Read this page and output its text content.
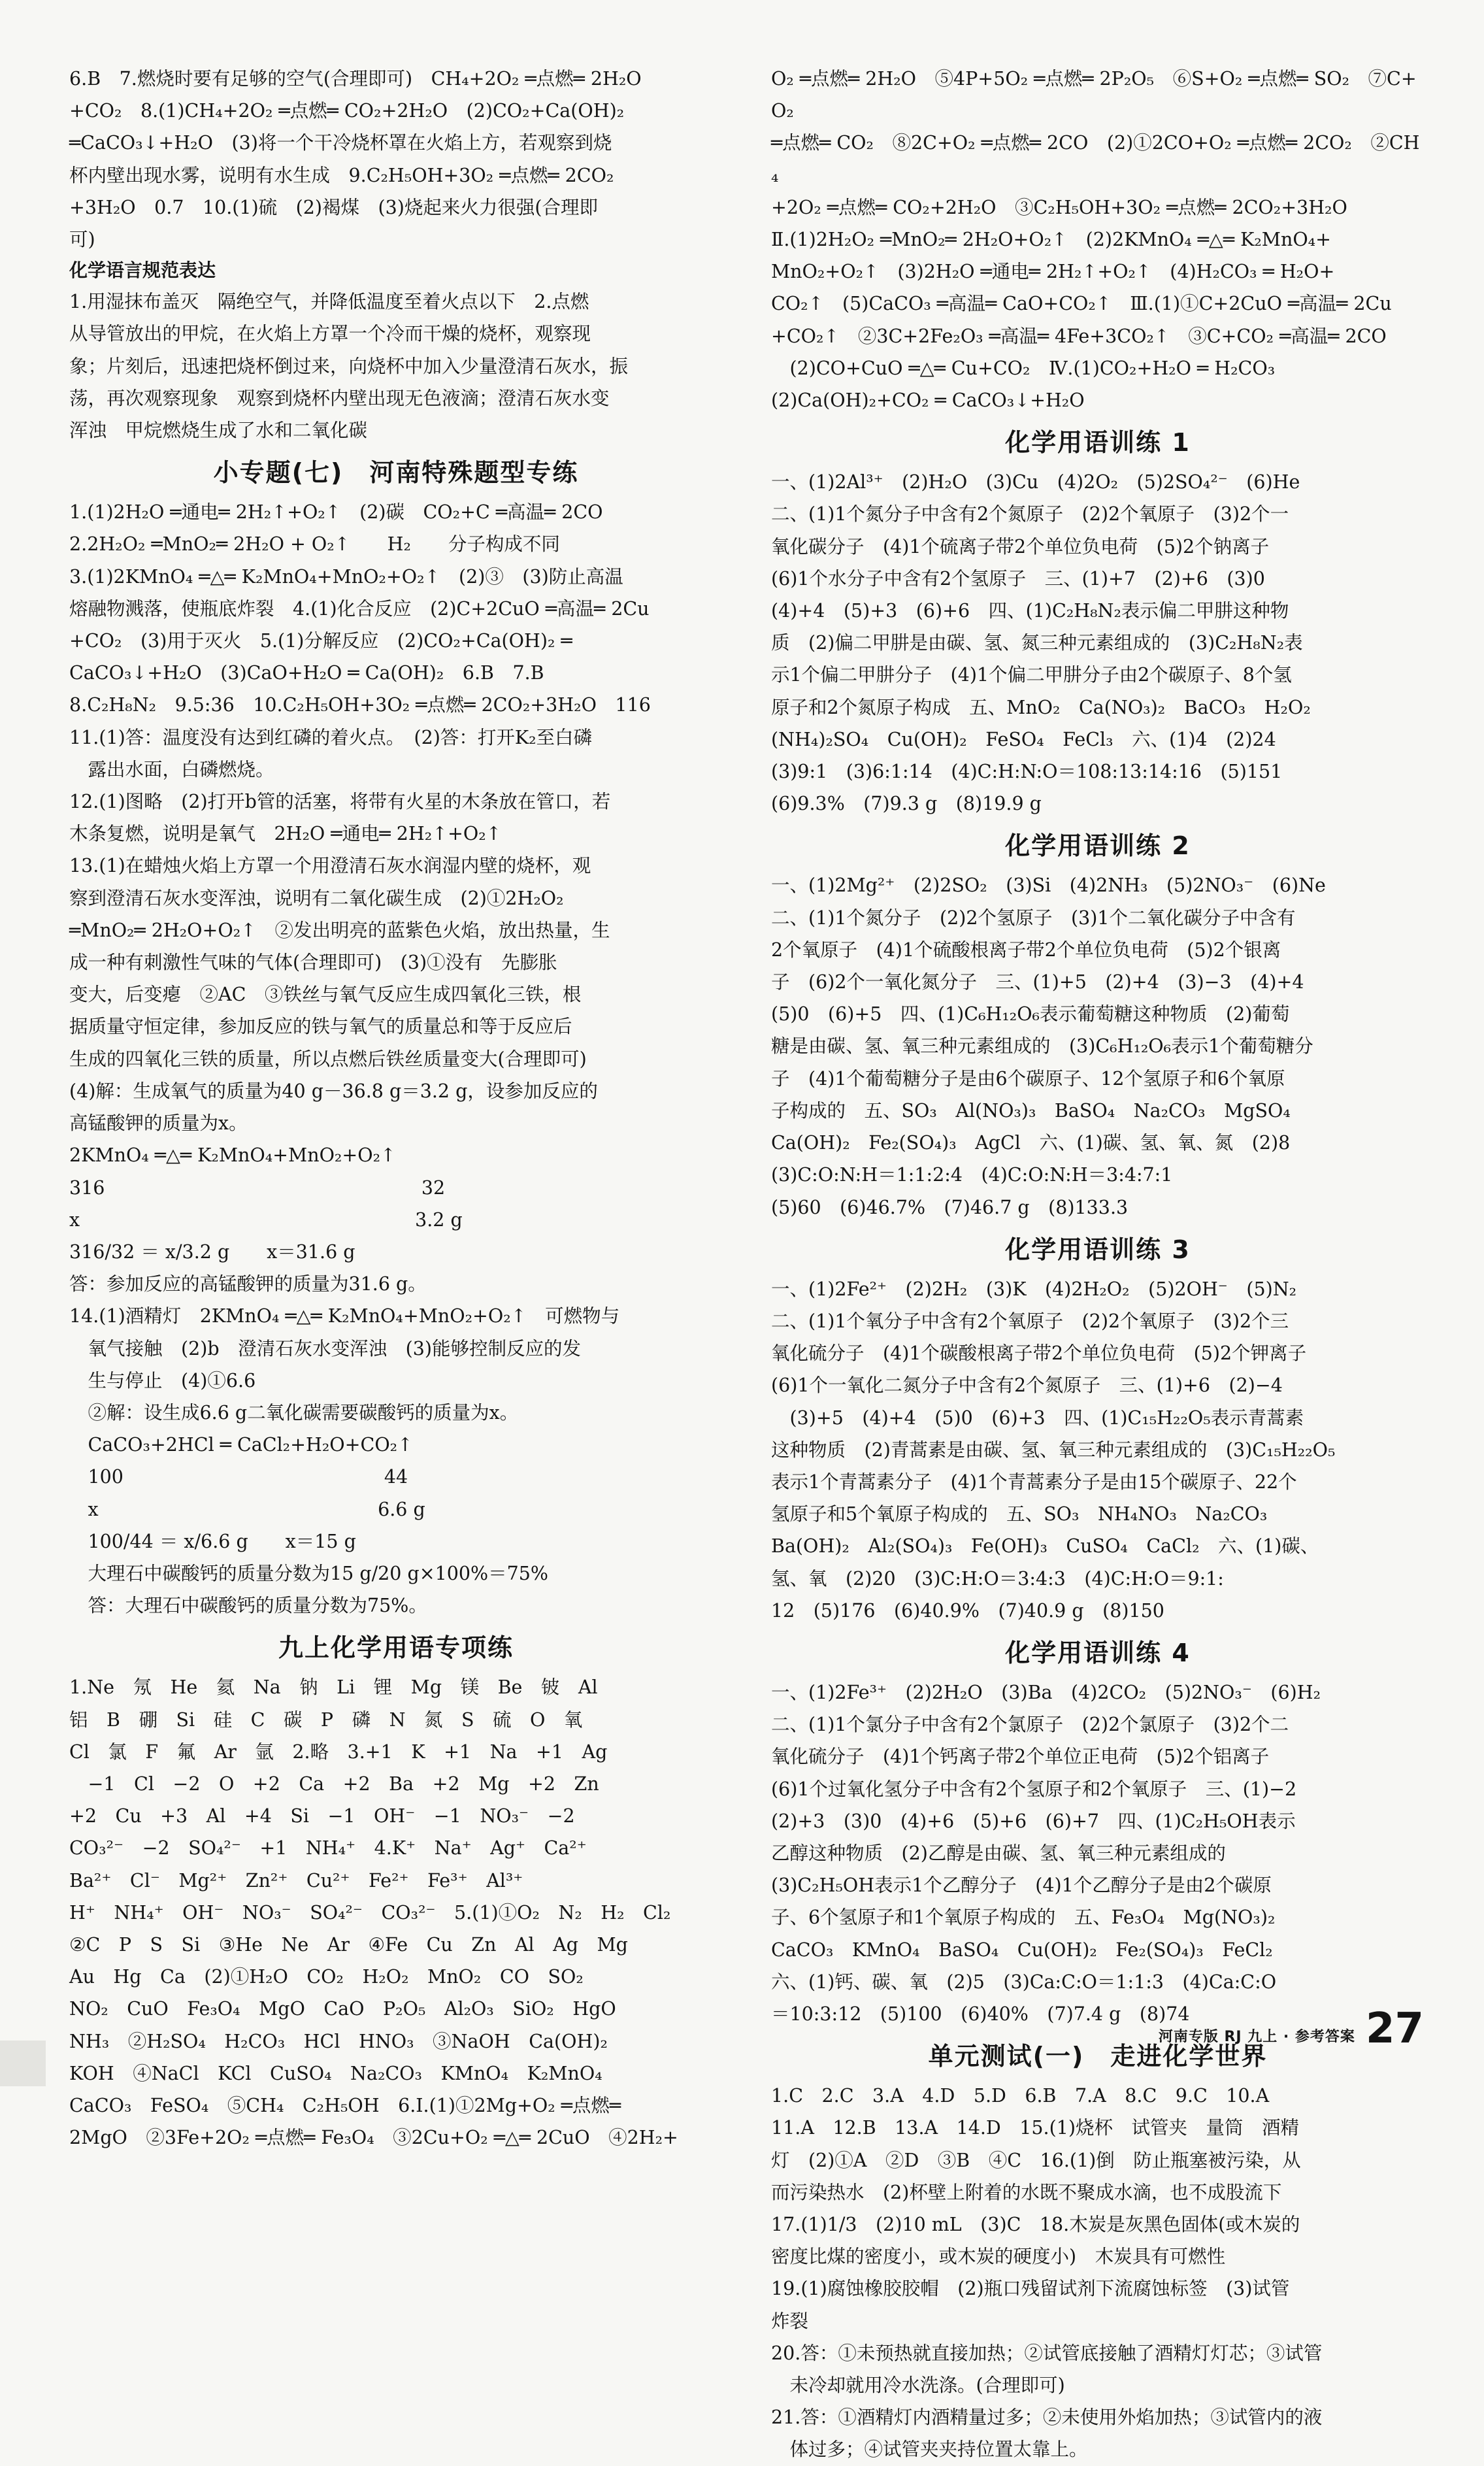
6.B　7.燃烧时要有足够的空气(合理即可)　CH₄+2O₂ ═点燃═ 2H₂O

+CO₂　8.(1)CH₄+2O₂ ═点燃═ CO₂+2H₂O　(2)CO₂+Ca(OH)₂

═CaCO₃↓+H₂O　(3)将一个干冷烧杯罩在火焰上方，若观察到烧

杯内壁出现水雾，说明有水生成　9.C₂H₅OH+3O₂ ═点燃═ 2CO₂

+3H₂O　0.7　10.(1)硫　(2)褐煤　(3)烧起来火力很强(合理即

可)

化学语言规范表达

1.用湿抹布盖灭　隔绝空气，并降低温度至着火点以下　2.点燃

从导管放出的甲烷，在火焰上方罩一个冷而干燥的烧杯，观察现

象；片刻后，迅速把烧杯倒过来，向烧杯中加入少量澄清石灰水，振

荡，再次观察现象　观察到烧杯内壁出现无色液滴；澄清石灰水变

浑浊　甲烷燃烧生成了水和二氧化碳

小专题(七)　河南特殊题型专练

1.(1)2H₂O ═通电═ 2H₂↑+O₂↑　(2)碳　CO₂+C ═高温═ 2CO

2.2H₂O₂ ═MnO₂═ 2H₂O + O₂↑　　H₂　　分子构成不同

3.(1)2KMnO₄ ═△═ K₂MnO₄+MnO₂+O₂↑　(2)③　(3)防止高温

熔融物溅落，使瓶底炸裂　4.(1)化合反应　(2)C+2CuO ═高温═ 2Cu

+CO₂　(3)用于灭火　5.(1)分解反应　(2)CO₂+Ca(OH)₂ ═

CaCO₃↓+H₂O　(3)CaO+H₂O ═ Ca(OH)₂　6.B　7.B

8.C₂H₈N₂　9.5:36　10.C₂H₅OH+3O₂ ═点燃═ 2CO₂+3H₂O　116

11.(1)答：温度没有达到红磷的着火点。　(2)答：打开K₂至白磷

　露出水面，白磷燃烧。

12.(1)图略　(2)打开b管的活塞，将带有火星的木条放在管口，若

木条复燃，说明是氧气　2H₂O ═通电═ 2H₂↑+O₂↑

13.(1)在蜡烛火焰上方罩一个用澄清石灰水润湿内壁的烧杯，观

察到澄清石灰水变浑浊，说明有二氧化碳生成　(2)①2H₂O₂

═MnO₂═ 2H₂O+O₂↑　②发出明亮的蓝紫色火焰，放出热量，生

成一种有刺激性气味的气体(合理即可)　(3)①没有　先膨胀

变大，后变瘪　②AC　③铁丝与氧气反应生成四氧化三铁，根

据质量守恒定律，参加反应的铁与氧气的质量总和等于反应后

生成的四氧化三铁的质量，所以点燃后铁丝质量变大(合理即可)

(4)解：生成氧气的质量为40 g－36.8 g＝3.2 g，设参加反应的

高锰酸钾的质量为x。

2KMnO₄ ═△═ K₂MnO₄+MnO₂+O₂↑

316　　　　　　　　　　　　　　　　　32

x　　　　　　　　　　　　　　　　　　3.2 g

316/32 ＝ x/3.2 g　　x＝31.6 g

答：参加反应的高锰酸钾的质量为31.6 g。

14.(1)酒精灯　2KMnO₄ ═△═ K₂MnO₄+MnO₂+O₂↑　可燃物与

　氧气接触　(2)b　澄清石灰水变浑浊　(3)能够控制反应的发

　生与停止　(4)①6.6

　②解：设生成6.6 g二氧化碳需要碳酸钙的质量为x。

　CaCO₃+2HCl ═ CaCl₂+H₂O+CO₂↑

　100　　　　　　　　　　　　　　44

　x　　　　　　　　　　　　　　　6.6 g

　100/44 ＝ x/6.6 g　　x＝15 g

　大理石中碳酸钙的质量分数为15 g/20 g×100%＝75%

　答：大理石中碳酸钙的质量分数为75%。

九上化学用语专项练

1.Ne　氖　He　氦　Na　钠　Li　锂　Mg　镁　Be　铍　Al

铝　B　硼　Si　硅　C　碳　P　磷　N　氮　S　硫　O　氧

Cl　氯　F　氟　Ar　氩　2.略　3.+1　K　+1　Na　+1　Ag

　−1　Cl　−2　O　+2　Ca　+2　Ba　+2　Mg　+2　Zn

+2　Cu　+3　Al　+4　Si　−1　OH⁻　−1　NO₃⁻　−2

CO₃²⁻　−2　SO₄²⁻　+1　NH₄⁺　4.K⁺　Na⁺　Ag⁺　Ca²⁺

Ba²⁺　Cl⁻　Mg²⁺　Zn²⁺　Cu²⁺　Fe²⁺　Fe³⁺　Al³⁺

H⁺　NH₄⁺　OH⁻　NO₃⁻　SO₄²⁻　CO₃²⁻　5.(1)①O₂　N₂　H₂　Cl₂

②C　P　S　Si　③He　Ne　Ar　④Fe　Cu　Zn　Al　Ag　Mg

Au　Hg　Ca　(2)①H₂O　CO₂　H₂O₂　MnO₂　CO　SO₂

NO₂　CuO　Fe₃O₄　MgO　CaO　P₂O₅　Al₂O₃　SiO₂　HgO

NH₃　②H₂SO₄　H₂CO₃　HCl　HNO₃　③NaOH　Ca(OH)₂

KOH　④NaCl　KCl　CuSO₄　Na₂CO₃　KMnO₄　K₂MnO₄

CaCO₃　FeSO₄　⑤CH₄　C₂H₅OH　6.Ⅰ.(1)①2Mg+O₂ ═点燃═

2MgO　②3Fe+2O₂ ═点燃═ Fe₃O₄　③2Cu+O₂ ═△═ 2CuO　④2H₂+

O₂ ═点燃═ 2H₂O　⑤4P+5O₂ ═点燃═ 2P₂O₅　⑥S+O₂ ═点燃═ SO₂　⑦C+O₂

═点燃═ CO₂　⑧2C+O₂ ═点燃═ 2CO　(2)①2CO+O₂ ═点燃═ 2CO₂　②CH₄

+2O₂ ═点燃═ CO₂+2H₂O　③C₂H₅OH+3O₂ ═点燃═ 2CO₂+3H₂O

Ⅱ.(1)2H₂O₂ ═MnO₂═ 2H₂O+O₂↑　(2)2KMnO₄ ═△═ K₂MnO₄+

MnO₂+O₂↑　(3)2H₂O ═通电═ 2H₂↑+O₂↑　(4)H₂CO₃ ═ H₂O+

CO₂↑　(5)CaCO₃ ═高温═ CaO+CO₂↑　Ⅲ.(1)①C+2CuO ═高温═ 2Cu

+CO₂↑　②3C+2Fe₂O₃ ═高温═ 4Fe+3CO₂↑　③C+CO₂ ═高温═ 2CO

　(2)CO+CuO ═△═ Cu+CO₂　Ⅳ.(1)CO₂+H₂O ═ H₂CO₃

(2)Ca(OH)₂+CO₂ ═ CaCO₃↓+H₂O

化学用语训练 1

一、(1)2Al³⁺　(2)H₂O　(3)Cu　(4)2O₂　(5)2SO₄²⁻　(6)He

二、(1)1个氮分子中含有2个氮原子　(2)2个氧原子　(3)2个一

氧化碳分子　(4)1个硫离子带2个单位负电荷　(5)2个钠离子

(6)1个水分子中含有2个氢原子　三、(1)+7　(2)+6　(3)0

(4)+4　(5)+3　(6)+6　四、(1)C₂H₈N₂表示偏二甲肼这种物

质　(2)偏二甲肼是由碳、氢、氮三种元素组成的　(3)C₂H₈N₂表

示1个偏二甲肼分子　(4)1个偏二甲肼分子由2个碳原子、8个氢

原子和2个氮原子构成　五、MnO₂　Ca(NO₃)₂　BaCO₃　H₂O₂

(NH₄)₂SO₄　Cu(OH)₂　FeSO₄　FeCl₃　六、(1)4　(2)24

(3)9:1　(3)6:1:14　(4)C:H:N:O＝108:13:14:16　(5)151

(6)9.3%　(7)9.3 g　(8)19.9 g

化学用语训练 2

一、(1)2Mg²⁺　(2)2SO₂　(3)Si　(4)2NH₃　(5)2NO₃⁻　(6)Ne

二、(1)1个氮分子　(2)2个氢原子　(3)1个二氧化碳分子中含有

2个氧原子　(4)1个硫酸根离子带2个单位负电荷　(5)2个银离

子　(6)2个一氧化氮分子　三、(1)+5　(2)+4　(3)−3　(4)+4

(5)0　(6)+5　四、(1)C₆H₁₂O₆表示葡萄糖这种物质　(2)葡萄

糖是由碳、氢、氧三种元素组成的　(3)C₆H₁₂O₆表示1个葡萄糖分

子　(4)1个葡萄糖分子是由6个碳原子、12个氢原子和6个氧原

子构成的　五、SO₃　Al(NO₃)₃　BaSO₄　Na₂CO₃　MgSO₄

Ca(OH)₂　Fe₂(SO₄)₃　AgCl　六、(1)碳、氢、氧、氮　(2)8

(3)C:O:N:H＝1:1:2:4　(4)C:O:N:H＝3:4:7:1

(5)60　(6)46.7%　(7)46.7 g　(8)133.3

化学用语训练 3

一、(1)2Fe²⁺　(2)2H₂　(3)K　(4)2H₂O₂　(5)2OH⁻　(5)N₂

二、(1)1个氧分子中含有2个氧原子　(2)2个氧原子　(3)2个三

氧化硫分子　(4)1个碳酸根离子带2个单位负电荷　(5)2个钾离子

(6)1个一氧化二氮分子中含有2个氮原子　三、(1)+6　(2)−4

　(3)+5　(4)+4　(5)0　(6)+3　四、(1)C₁₅H₂₂O₅表示青蒿素

这种物质　(2)青蒿素是由碳、氢、氧三种元素组成的　(3)C₁₅H₂₂O₅

表示1个青蒿素分子　(4)1个青蒿素分子是由15个碳原子、22个

氢原子和5个氧原子构成的　五、SO₃　NH₄NO₃　Na₂CO₃

Ba(OH)₂　Al₂(SO₄)₃　Fe(OH)₃　CuSO₄　CaCl₂　六、(1)碳、

氢、氧　(2)20　(3)C:H:O＝3:4:3　(4)C:H:O＝9:1:

12　(5)176　(6)40.9%　(7)40.9 g　(8)150

化学用语训练 4

一、(1)2Fe³⁺　(2)2H₂O　(3)Ba　(4)2CO₂　(5)2NO₃⁻　(6)H₂

二、(1)1个氯分子中含有2个氯原子　(2)2个氯原子　(3)2个二

氧化硫分子　(4)1个钙离子带2个单位正电荷　(5)2个铝离子

(6)1个过氧化氢分子中含有2个氢原子和2个氧原子　三、(1)−2

(2)+3　(3)0　(4)+6　(5)+6　(6)+7　四、(1)C₂H₅OH表示

乙醇这种物质　(2)乙醇是由碳、氢、氧三种元素组成的

(3)C₂H₅OH表示1个乙醇分子　(4)1个乙醇分子是由2个碳原

子、6个氢原子和1个氧原子构成的　五、Fe₃O₄　Mg(NO₃)₂

CaCO₃　KMnO₄　BaSO₄　Cu(OH)₂　Fe₂(SO₄)₃　FeCl₂

六、(1)钙、碳、氧　(2)5　(3)Ca:C:O＝1:1:3　(4)Ca:C:O

＝10:3:12　(5)100　(6)40%　(7)7.4 g　(8)74

单元测试(一)　走进化学世界

1.C　2.C　3.A　4.D　5.D　6.B　7.A　8.C　9.C　10.A

11.A　12.B　13.A　14.D　15.(1)烧杯　试管夹　量筒　酒精

灯　(2)①A　②D　③B　④C　16.(1)倒　防止瓶塞被污染，从

而污染热水　(2)杯壁上附着的水既不聚成水滴，也不成股流下

17.(1)1/3　(2)10 mL　(3)C　18.木炭是灰黑色固体(或木炭的

密度比煤的密度小，或木炭的硬度小)　木炭具有可燃性

19.(1)腐蚀橡胶胶帽　(2)瓶口残留试剂下流腐蚀标签　(3)试管

炸裂

20.答：①未预热就直接加热；②试管底接触了酒精灯灯芯；③试管

　未冷却就用冷水洗涤。(合理即可)

21.答：①酒精灯内酒精量过多；②未使用外焰加热；③试管内的液

　体过多；④试管夹夹持位置太靠上。

河南专版 RJ 九上 · 参考答案 27
